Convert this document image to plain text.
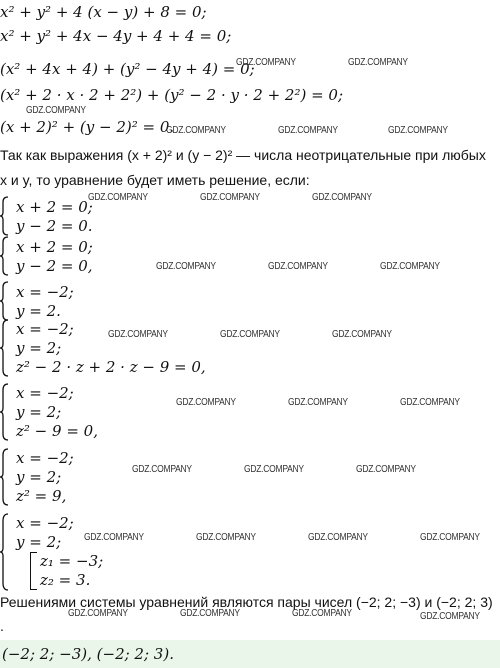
x² + y² + 4 (x − y) + 8 = 0;
x² + y² + 4x − 4y + 4 + 4 = 0;
(x² + 4x + 4) + (y² − 4y + 4) = 0;
(x² + 2 · x · 2 + 2²) + (y² − 2 · y · 2 + 2²) = 0;
(x + 2)² + (y − 2)² = 0.
Так как выражения (x + 2)² и (y − 2)² — числа неотрицательные при любых
x и y, то уравнение будет иметь решение, если:
x + 2 = 0;
y − 2 = 0.
x + 2 = 0;
y − 2 = 0,
x = −2;
y = 2.
x = −2;
y = 2;
z² − 2 · z + 2 · z − 9 = 0,
x = −2;
y = 2;
z² − 9 = 0,
x = −2;
y = 2;
z² = 9,
x = −2;
y = 2;
z₁ = −3;
z₂ = 3.
Решениями системы уравнений являются пары чисел (−2; 2; −3) и (−2; 2; 3)
.
(−2; 2; −3), (−2; 2; 3).
GDZ.COMPANY	GDZ.COMPANY
GDZ.COMPANY
GDZ.COMPANY	GDZ.COMPANY	GDZ.COMPANY
GDZ.COMPANY	GDZ.COMPANY	GDZ.COMPANY
GDZ.COMPANY	GDZ.COMPANY	GDZ.COMPANY
GDZ.COMPANY	GDZ.COMPANY	GDZ.COMPANY
GDZ.COMPANY	GDZ.COMPANY	GDZ.COMPANY
GDZ.COMPANY	GDZ.COMPANY	GDZ.COMPANY
GDZ.COMPANY	GDZ.COMPANY	GDZ.COMPANY	GDZ.COMPANY
GDZ.COMPANY	GDZ.COMPANY	GDZ.COMPANY	GDZ.COMPANY
